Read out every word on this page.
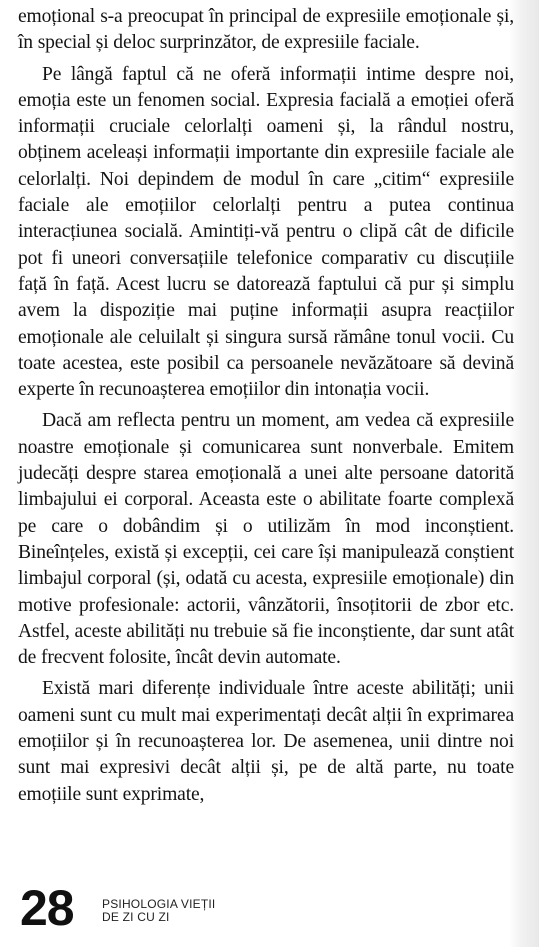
emoțional s-a preocupat în principal de expresiile emoționale și, în special și deloc surprinzător, de expresiile faciale.

Pe lângă faptul că ne oferă informații intime despre noi, emoția este un fenomen social. Expresia facială a emoției oferă informații cruciale celorlalți oameni și, la rândul nostru, obținem aceleași informații importante din expresiile faciale ale celorlalți. Noi depindem de modul în care „citim“ expresiile faciale ale emoțiilor celorlalți pentru a putea continua interacțiunea socială. Amintiți-vă pentru o clipă cât de dificile pot fi uneori conversațiile telefonice comparativ cu discuțiile față în față. Acest lucru se datorează faptului că pur și simplu avem la dispoziție mai puține informații asupra reacțiilor emoționale ale celuilalt și singura sursă rămâne tonul vocii. Cu toate acestea, este posibil ca persoanele nevăzătoare să devină experte în recunoașterea emoțiilor din intonația vocii.

Dacă am reflecta pentru un moment, am vedea că expresiile noastre emoționale și comunicarea sunt nonverbale. Emitem judecăți despre starea emoțională a unei alte persoane datorită limbajului ei corporal. Aceasta este o abilitate foarte complexă pe care o dobândim și o utilizăm în mod inconștient. Bineînțeles, există și excepții, cei care își manipulează conștient limbajul corporal (și, odată cu acesta, expresiile emoționale) din motive profesionale: actorii, vânzătorii, însoțitorii de zbor etc. Astfel, aceste abilități nu trebuie să fie inconștiente, dar sunt atât de frecvent folosite, încât devin automate.

Există mari diferențe individuale între aceste abilități; unii oameni sunt cu mult mai experimentați decât alții în exprimarea emoțiilor și în recunoașterea lor. De asemenea, unii dintre noi sunt mai expresivi decât alții și, pe de altă parte, nu toate emoțiile sunt exprimate,

28 PSIHOLOGIA VIEȚII
DE ZI CU ZI
